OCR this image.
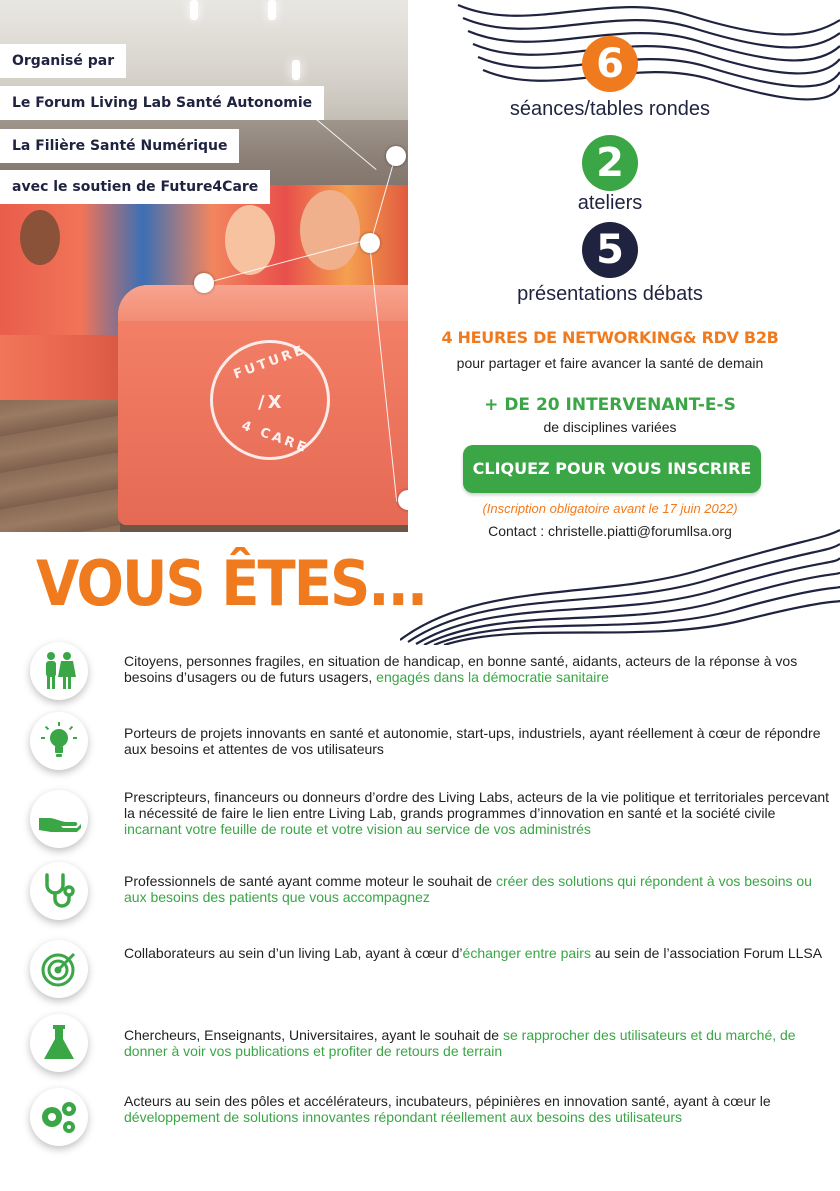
FUTURE
/X
4 CARE
Organisé par
Le Forum Living Lab Santé Autonomie
La Filière Santé Numérique
avec le soutien de Future4Care
6
séances/tables rondes
2
ateliers
5
présentations débats
4 HEURES DE NETWORKING& RDV B2B
pour partager et faire avancer la santé de demain
+ DE 20 INTERVENANT-E-S
de disciplines variées
CLIQUEZ POUR VOUS INSCRIRE
(Inscription obligatoire avant le 17 juin 2022)
Contact : christelle.piatti@forumllsa.org
VOUS ÊTES...
Citoyens, personnes fragiles, en situation de handicap, en bonne santé, aidants, acteurs de la réponse à vos besoins d’usagers ou de futurs usagers, engagés dans la démocratie sanitaire
Porteurs de projets innovants en santé et autonomie, start-ups, industriels, ayant réellement à cœur de répondre aux besoins et attentes de vos utilisateurs
Prescripteurs, financeurs ou donneurs d’ordre des Living Labs, acteurs de la vie politique et territoriales percevant la nécessité de faire le lien entre Living Lab, grands programmes d’innovation en santé et la société civile incarnant votre feuille de route et votre vision au service de vos administrés
Professionnels de santé ayant comme moteur le souhait de créer des solutions qui répondent à vos besoins ou aux besoins des patients que vous accompagnez
Collaborateurs au sein d’un living Lab, ayant à cœur d’échanger entre pairs au sein de l’association Forum LLSA
Chercheurs, Enseignants, Universitaires, ayant le souhait de se rapprocher des utilisateurs et du marché, de donner à voir vos publications et profiter de retours de terrain
Acteurs au sein des pôles et accélérateurs, incubateurs, pépinières en innovation santé, ayant à cœur le développement de solutions innovantes répondant réellement aux besoins des utilisateurs
